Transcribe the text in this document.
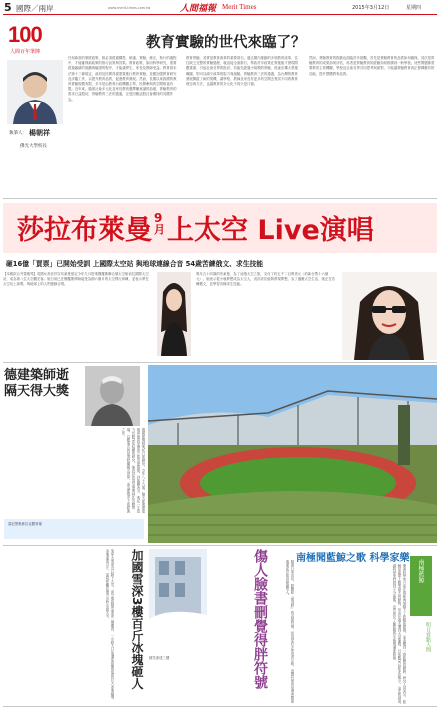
5 國際／兩岸	www.merit-times.com.tw	人間福報 Merit Times	2015年3月12日	星期四
100
人間百年筆陣
執筆人： 楊朝祥
佛光大學校長
教育實驗的世代來臨了？
任何新設的制度政策，都必須經過構思、研議、實驗、修正，執行的過程中，才能確保新政策的推行品質與效果。教育政策，如同科學研究，需要經過審慎的規劃與驗證的程序，才能讓學生、家長及教師受益。教育基本法第十三條規定，政府及民間得視需要進行教育實驗，並應加強教育研究及評鑑工作，以提升教育品質，促進教育發展。然而，長期以來我國的教育實驗規模有限，多半是由教育行政機關主導，民間參與的空間相當有限。近年來，隨著社會多元化及家長教育選擇權意識的抬頭，實驗教育的需求日益殷切，實驗教育三法的通過，正是回應這股社會期待的具體作為。
教育實驗，其實是教育改革的重要基石。過去國內推動的多項教育改革，往往缺乏完整的實驗過程，就直接全面推行，導致許多政策在實施後才發現問題重重，引起社會各界的批評。若能先經過小規模的實驗，再逐步擴大實施範圍，則可以減少改革的阻力與風險。實驗教育三法的通過，為台灣的教育發展開啟了新的契機，讓學校、教師及家長有更多的空間去嘗試不同的教育理念與方法，也讓教育的多元化不再只是口號。
然而，實驗教育的推動也面臨許多挑戰。首先是實驗教育的品質如何確保，其次是實驗教育的成果如何評估，再者是實驗教育的經驗如何推廣到一般學校。這些問題都需要教育主管機關、學校及社會各界共同思考與面對，才能讓實驗教育真正發揮應有的功能，提升整體教育品質。
莎拉布萊曼 9
月 上太空 Live演唱
砸16億「買票」已開始受訓 上國際太空站 與地球連線合音 54歲苦練俄文、求生技能
【本報綜合外電報導】英國女高音莎拉布萊曼預定今年九月搭乘俄羅斯聯合號太空船前往國際太空站，成為第八位太空觀光客。她日前已在俄羅斯開始接受為期六個月的太空飛行訓練，並表示將在太空站上演唱，與地球上的人們連線合唱。
現年五十四歲的布萊曼，為了這趟太空之旅，支付了約五千二百萬美元（約新台幣十六億元）。她表示從小就夢想成為太空人，這次終於能夠實現夢想。為了適應太空生活，她正在苦練俄文，並學習各種求生技能。
德建築師逝
隔天得大獎
德國建築師奧托日前辭世，享年八十九歲，隔天即獲頒建築界最高榮譽普立茲克建築獎。評審團表示，奧托一生致力於輕量化結構的研究，他設計的慕尼黑奧林匹克體育場，以帳篷式的屋頂結構聞名世界，成為建築史上的經典之作。
慕尼黑奧林匹克體育場
加國雪深3樓百斤冰塊砸人
加拿大東部近日降下大雪，部分地區積雪深達三層樓高。一名路人日前遭從高樓掉落的巨大冰塊砸傷，冰塊重達百斤，當局呼籲民眾外出時注意安全。
積雪深達三樓	傷人臉書刪覺得胖符號	臉書日前宣布，將刪除「覺得胖」的表情符號，原因是許多使用者反映，這個符號容易傷害體重過重或有飲食障礙的人。
南極聞藍鯨之歌 科學家樂
澳洲科學家日前在南極海域錄下了藍鯨的歌聲，並追蹤到一群藍鯨的蹤跡。研究人員表示，藍鯨是地球上體型最大的動物，但由於過去遭到大量捕殺，目前數量已經非常稀少。這次的發現讓科學家們感到十分振奮，也有助於了解藍鯨的生態與遷徙路線。	南極藍鯨
明日看點人間
